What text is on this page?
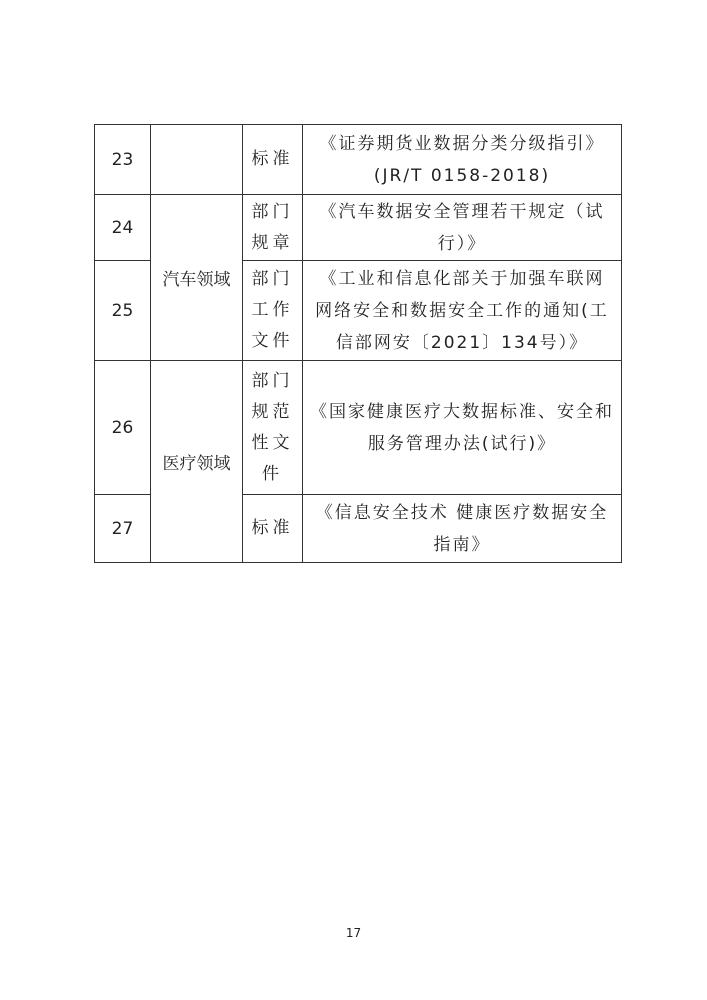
23		标准	《证券期货业数据分类分级指引》
(JR/T 0158-2018)
24	汽车领域	部门规章	《汽车数据安全管理若干规定（试
行）》
25		部门工作文件	《工业和信息化部关于加强车联网
网络安全和数据安全工作的通知(工
信部网安〔2021〕134号）》
26	医疗领域	部门规范性文件	《国家健康医疗大数据标准、安全和
服务管理办法(试行)》
27		标准	《信息安全技术 健康医疗数据安全
指南》
17
